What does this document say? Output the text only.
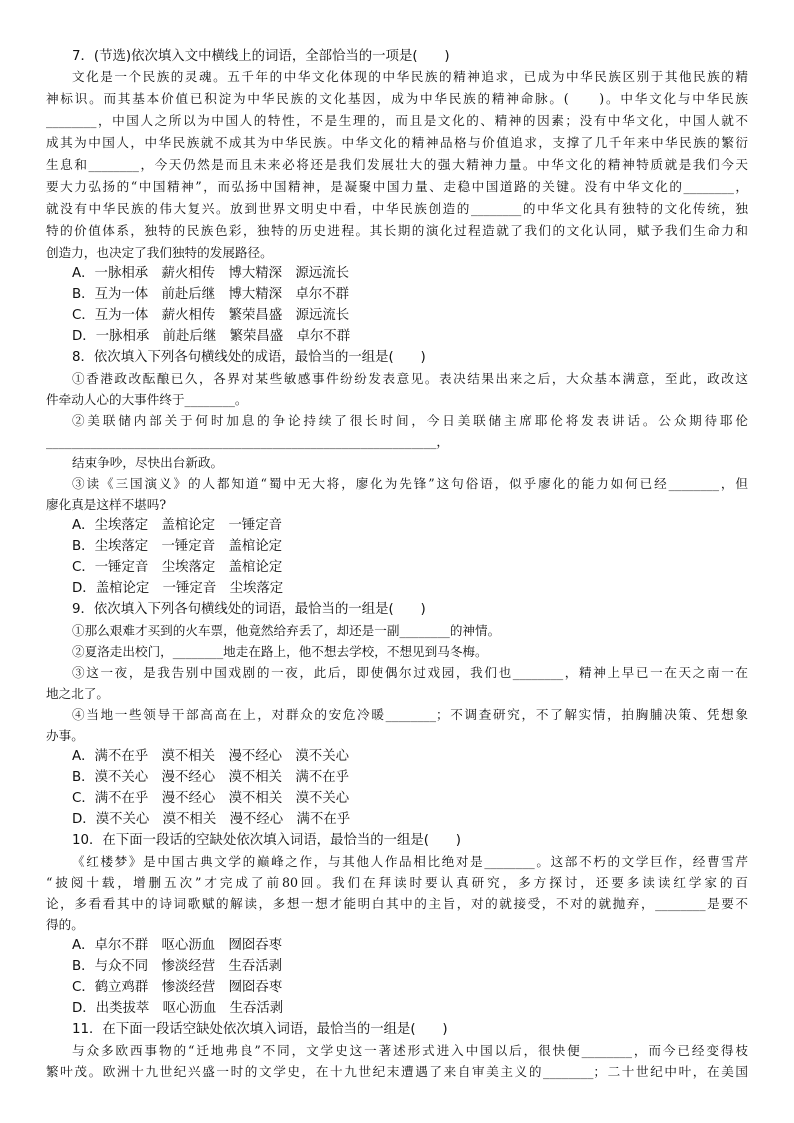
7．(节选)依次填入文中横线上的词语，全部恰当的一项是(　　)
文化是一个民族的灵魂。五千年的中华文化体现的中华民族的精神追求，已成为中华民族区别于其他民族的精
神标识。而其基本价值已积淀为中华民族的文化基因，成为中华民族的精神命脉。(　　)。中华文化与中华民族
________，中国人之所以为中国人的特性，不是生理的，而且是文化的、精神的因素；没有中华文化，中国人就不
成其为中国人，中华民族就不成其为中华民族。中华文化的精神品格与价值追求，支撑了几千年来中华民族的繁衍
生息和________，今天仍然是而且未来必将还是我们发展壮大的强大精神力量。中华文化的精神特质就是我们今天
要大力弘扬的“中国精神”，而弘扬中国精神，是凝聚中国力量、走稳中国道路的关键。没有中华文化的________，
就没有中华民族的伟大复兴。放到世界文明史中看，中华民族创造的________的中华文化具有独特的文化传统，独
特的价值体系，独特的民族色彩，独特的历史进程。其长期的演化过程造就了我们的文化认同，赋予我们生命力和
创造力，也决定了我们独特的发展路径。
A．一脉相承　薪火相传　博大精深　源远流长
B．互为一体　前赴后继　博大精深　卓尔不群
C．互为一体　薪火相传　繁荣昌盛　源远流长
D．一脉相承　前赴后继　繁荣昌盛　卓尔不群
8．依次填入下列各句横线处的成语，最恰当的一组是(　　)
①香港政改酝酿已久，各界对某些敏感事件纷纷发表意见。表决结果出来之后，大众基本满意，至此，政改这
件牵动人心的大事件终于________。
②美联储内部关于何时加息的争论持续了很长时间，今日美联储主席耶伦将发表讲话。公众期待耶伦
______________________________________________________________，
结束争吵，尽快出台新政。
③读《三国演义》的人都知道“蜀中无大将，廖化为先锋”这句俗语，似乎廖化的能力如何已经________，但
廖化真是这样不堪吗?
A．尘埃落定　盖棺论定　一锤定音
B．尘埃落定　一锤定音　盖棺论定
C．一锤定音　尘埃落定　盖棺论定
D．盖棺论定　一锤定音　尘埃落定
9．依次填入下列各句横线处的词语，最恰当的一组是(　　)
①那么艰难才买到的火车票，他竟然给弃丢了，却还是一副________的神情。
②夏洛走出校门，________地走在路上，他不想去学校，不想见到马冬梅。
③这一夜，是我告别中国戏剧的一夜，此后，即使偶尔过戏园，我们也________，精神上早已一在天之南一在
地之北了。
④当地一些领导干部高高在上，对群众的安危冷暖________；不调查研究，不了解实情，拍胸脯决策、凭想象
办事。
A．满不在乎　漠不相关　漫不经心　漠不关心
B．漠不关心　漫不经心　漠不相关　满不在乎
C．满不在乎　漫不经心　漠不相关　漠不关心
D．漠不关心　漠不相关　漫不经心　满不在乎
10．在下面一段话的空缺处依次填入词语，最恰当的一组是(　　)
《红楼梦》是中国古典文学的巅峰之作，与其他人作品相比绝对是________。这部不朽的文学巨作，经曹雪芹
“披阅十载，增删五次”才完成了前80回。我们在拜读时要认真研究，多方探讨，还要多读读红学家的百
论，多看看其中的诗词歌赋的解读，多想一想才能明白其中的主旨，对的就接受，不对的就抛弃，________是要不
得的。
A．卓尔不群　呕心沥血　囫囵吞枣
B．与众不同　惨淡经营　生吞活剥
C．鹤立鸡群　惨淡经营　囫囵吞枣
D．出类拔萃　呕心沥血　生吞活剥
11．在下面一段话空缺处依次填入词语，最恰当的一组是(　　)
与众多欧西事物的“迁地弗良”不同，文学史这一著述形式进入中国以后，很快便________，而今已经变得枝
繁叶茂。欧洲十九世纪兴盛一时的文学史，在十九世纪末遭遇了来自审美主义的________；二十世纪中叶，在美国
